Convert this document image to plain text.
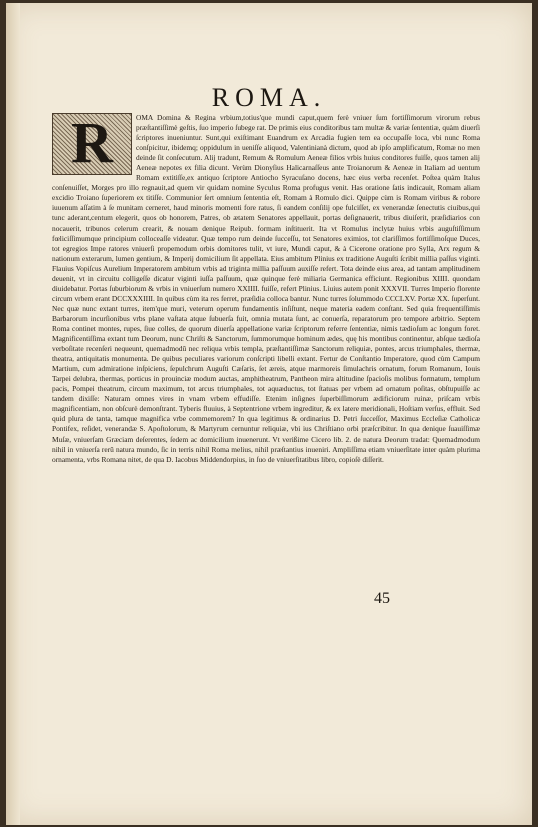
ROMA.
R	OMA Domina & Regina vrbium,totius'que mundi caput,quem ferè vniuer ſum fortiſſimorum virorum rebus præſtantiſſimè geſtis, ſuo imperio ſubege rat. De primis eius conditoribus tam multæ & variæ ſententiæ, quàm diuerſi ſcriptores inueniuntur. Sunt,qui exiſtimant Euandrum ex Arcadia fugien tem ea occupaſſe loca, vbi nunc Roma conſpicitur, ibidemq; oppidulum in ueniſſe aliquod, Valentinianà dictum, quod ab ipſo amplificatum, Romæ no men deinde ſit conſecutum. Alij tradunt, Remum & Romulum Aeneæ filios vrbis huius conditores fuiſſe, quos tamen alij Aeneæ nepotes ex filia dicunt. Verùm Dionyſius Halicarnaſſeus ante Troianorum & Aeneæ in Italiam ad uentum Romam extitiſſe,ex antiquo ſcriptore Antiocho Syracuſano docens, hæc eius verba recenſet. Poſtea quàm Italus conſenuiſſet, Morges pro illo regnauit,ad quem vir quidam nomine Syculus Roma profugus venit. Has oratione ſatis indicauit, Romam aliam excidio Troiano ſuperiorem ex titiſſe. Communior ſert omnium ſententia eſt, Romam à Romulo dici. Quippe cùm is Romam viribus & robore iuuenum aſſatim à ſe munitam cerneret, haud minoris momenti fore ratus, ſi eandem conſilij ope fulciſſet, ex venerandæ ſenectutis ciuibus,qui tunc aderant,centum elegerit, quos ob honorem, Patres, ob ætatem Senatores appellauit, portas deſignauerit, tribus diuiſerit, præſidiarios con nocauerit, tribunos celerum crearit, & nouam denique Reipub. formam inſtituerit. Ita vt Romulus inclytæ huius vrbis auguſtiſſimum fœliciſſimumque principium colloceaſſe videatur. Quæ tempo rum deinde ſucceſſu, tot Senatores eximios, tot clariſſimos fortiſſimoſque Duces, tot egregios Impe ratores vniuerſi propemodum orbis domitores tulit, vt iure, Mundi caput, & à Cicerone oratione pro Sylla, Arx regum & nationum exterarum, lumen gentium, & Imperij domicilium ſit appellata. Eius ambitum Plinius ex traditione Auguſti ſcribit millia paſſus viginti. Flauius Vopiſcus Aurelium Imperatorem ambitum vrbis ad triginta millia paſſuum auxiſſe refert. Tota deinde eius area, ad tantam amplitudinem deuenit, vt in circuitu colligeſſe dicatur viginti iuſſa paſſuum, quæ quinque ferè miliaria Germanica efficiunt. Regionibus XIIII. quondam diuidebatur. Portas ſuburbiorum & vrbis in vniuerſum numero XXIIII. fuiſſe, refert Plinius. Liuius autem ponit XXXVII. Turres Imperio florente circum vrbem erant DCCXXXIIII. In quibus cùm ita res ferret, præſidia colloca bantur. Nunc turres ſolummodo CCCLXV. Portæ XX. ſuperſunt. Nec quæ nunc extant turres, item'que muri, veterum operum fundamentis inſiſtunt, neque materia eadem conſtant. Sed quia frequentiſſimis Barbarorum incurſionibus vrbs plane vaſtata atque ſubuerſa fuit, omnia mutata ſunt, ac conuerſa, reparatorum pro tempore arbitrio. Septem Roma continet montes, rupes, ſiue colles, de quorum diuerſa appellatione variæ ſcriptorum referre ſententiæ, nimis tædioſum ac longum foret. Magnificentiſſima extant tum Deorum, nunc Chriſti & Sanctorum, ſummorumque hominum ædes, quę his montibus continentur, abſque tædioſa verboſitate recenſeri nequeunt, quemadmodū nec reliqua vrbis templa, præſtantiſſimæ Sanctorum reliquiæ, pontes, arcus triumphales, thermæ, theatra, antiquitatis monumenta. De quibus peculiares variorum conſcripti libelli extant. Fertur de Conſtantio Imperatore, quod cùm Campum Martium, cum admiratione inſpiciens, ſepulchrum Auguſti Cæſaris, ſet æreis, atque marmoreis ſimulachris ornatum, forum Romanum, Iouis Tarpei delubra, thermas, porticus in prouinciæ modum auctas, amphitheatrum, Pantheon mira altitudine ſpacioſis molibus formatum, templum pacis, Pompei theatrum, circum maximum, tot arcus triumphales, tot aquæductus, tot ſtatuas per vrbem ad ornatum poſitas, obſtupuiſſe ac tandem dixiſſe: Naturam omnes vires in vnam vrbem effudiſſe. Etenim inſignes ſuperbiſſimorum ædificiorum ruinæ, priſcam vrbis magnificentiam, non obſcurè demonſtrant. Tyberis fluuius, à Septentrione vrbem ingreditur, & ex latere meridionali, Hoſtiam verſus, effluit. Sed quid plura de tanta, tamque magnifica vrbe commemorem? In qua legitimus & ordinarius D. Petri ſucceſſor, Maximus Eccleſiæ Catholicæ Pontifex, reſidet, venerandæ S. Apoſtolorum, & Martyrum cernuntur reliquiæ, vbi ius Chriſtiano orbi præſcribitur. In qua denique ſuauiſſimæ Muſæ, vniuerſam Græciam deſerentes, ſedem ac domicilium inuenerunt. Vt verißime Cicero lib. 2. de natura Deorum tradat: Quemadmodum nihil in vniuerſa rerū natura mundo, ſic in terris nihil Roma melius, nihil præſtantius inueniri. Ampliſſima etiam vniuerſitate inter quàm plurima ornamenta, vrbs Romana nitet, de qua D. Iacobus Middendorpius, in ſuo de vniuerſitatibus libro, copioſè diſſerit.
45
